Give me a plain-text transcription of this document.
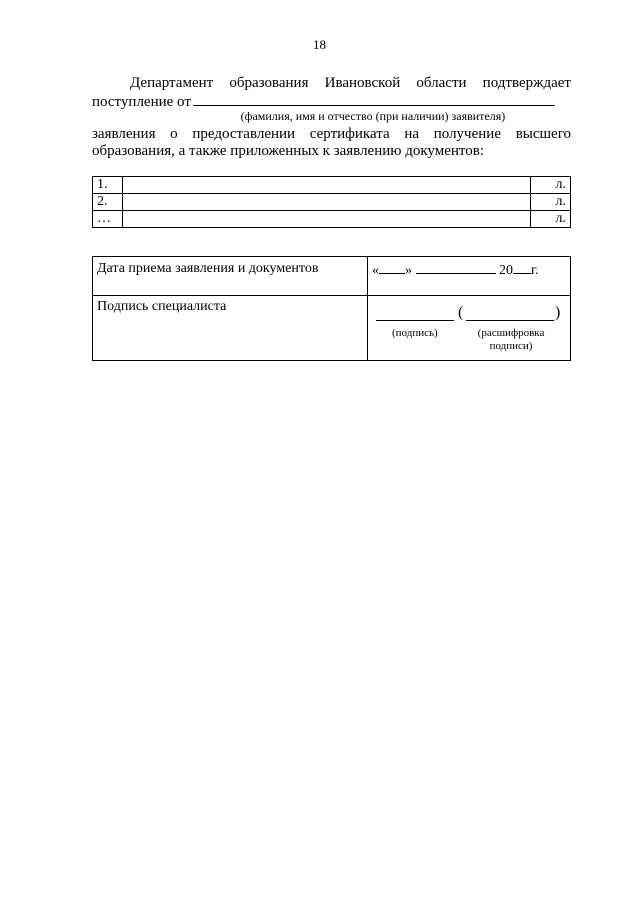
18
Департамент образования Ивановской области подтверждает
поступление от
(фамилия, имя и отчество (при наличии) заявителя)
заявления о предоставлении сертификата на получение высшего
образования, а также приложенных к заявлению документов:
1.		л.
2.		л.
…		л.
Дата приема заявления и документов	« » 20 г.
Подпись специалиста	( )
(подпись) (расшифровка подписи)
